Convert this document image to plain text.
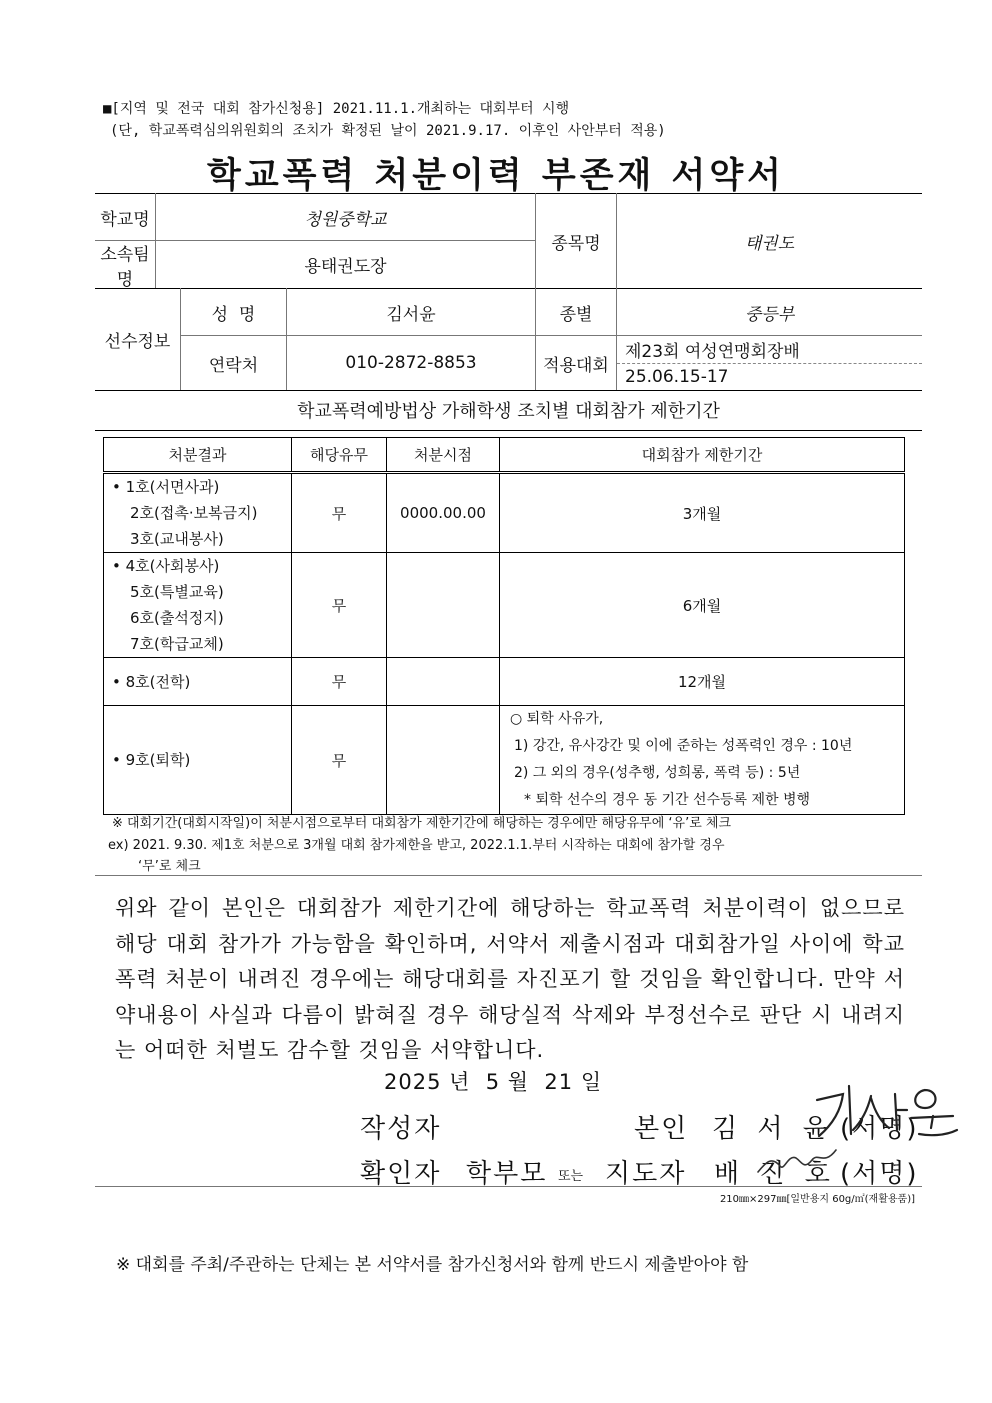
■[지역 및 전국 대회 참가신청용] 2021.11.1.개최하는 대회부터 시행
(단, 학교폭력심의위원회의 조치가 확정된 날이 2021.9.17. 이후인 사안부터 적용)
학교폭력 처분이력 부존재 서약서
학교명	청원중학교
소속팀명
용태권도장
종목명	태권도
선수정보
성  명	김서윤	종별	중등부
연락처	010-2872-8853	적용대회
제23회 여성연맹회장배
25.06.15-17
학교폭력예방법상 가해학생 조치별 대회참가 제한기간
처분결과	해당유무	처분시점	대회참가 제한기간

• 1호(서면사과)
2호(접촉·보복금지)
3호(교내봉사)	무	0000.00.00	3개월

• 4호(사회봉사)
5호(특별교육)
6호(출석정지)
7호(학급교체)	무		6개월

• 8호(전학)	무		12개월

• 9호(퇴학)	무		○ 퇴학 사유가,
1) 강간, 유사강간 및 이에 준하는 성폭력인 경우 : 10년
2) 그 외의 경우(성추행, 성희롱, 폭력 등) : 5년
* 퇴학 선수의 경우 동 기간 선수등록 제한 병행
※ 대회기간(대회시작일)이 처분시점으로부터 대회참가 제한기간에 해당하는 경우에만 해당유무에 ‘유’로 체크
ex) 2021. 9.30. 제1호 처분으로 3개월 대회 참가제한을 받고, 2022.1.1.부터 시작하는 대회에 참가할 경우
‘무’로 체크
위와 같이 본인은 대회참가 제한기간에 해당하는 학교폭력 처분이력이 없으므로 해당 대회 참가가 가능함을 확인하며, 서약서 제출시점과 대회참가일 사이에 학교폭력 처분이 내려진 경우에는 해당대회를 자진포기 할 것임을 확인합니다. 만약 서약내용이 사실과 다름이 밝혀질 경우 해당실적 삭제와 부정선수로 판단 시 내려지는 어떠한 처벌도 감수할 것임을 서약합니다.
2025 년  5 월  21 일
작성자	본인 김 서 윤 (서명)
확인자 학부모 또는 지도자 배 진 호 (서명)
210㎜×297㎜[일반용지 60g/㎡(재활용품)]
※ 대회를 주최/주관하는 단체는 본 서약서를 참가신청서와 함께 반드시 제출받아야 함
